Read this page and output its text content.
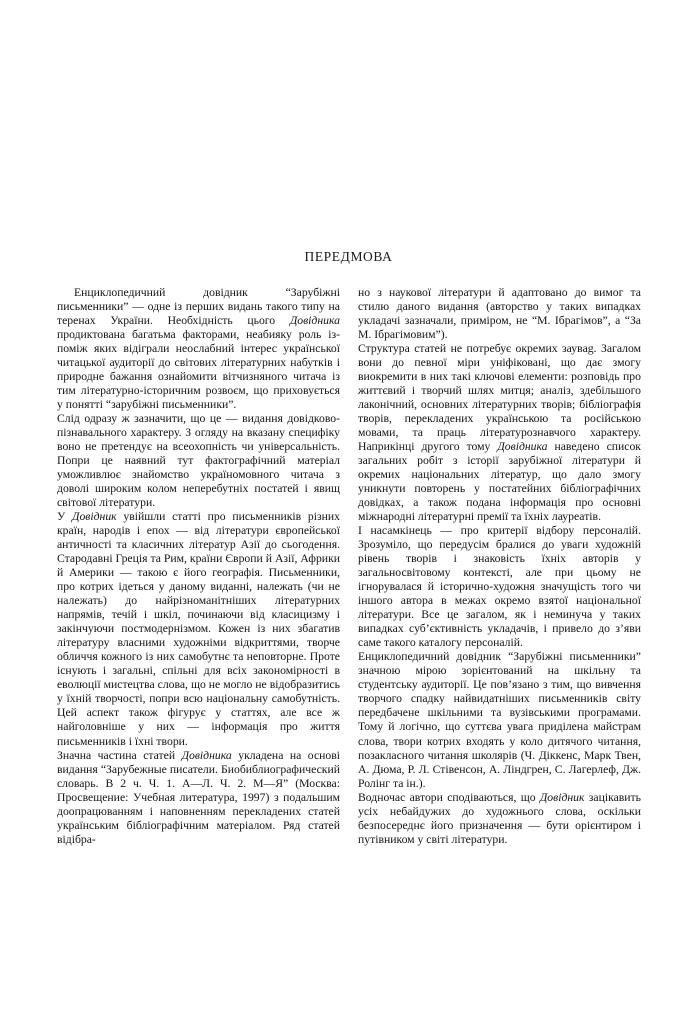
ПЕРЕДМОВА

Енциклопедичний довідник “Зарубіжні письменники” — одне із перших видань такого типу на теренах України. Необхідність цього Довідника продиктована багатьма факторами, неабияку роль із-поміж яких відіграли неослабний інтерес української читацької аудиторії до світових літературних набутків і природне бажання ознайомити вітчизняного читача із тим літературно-історичним розвоєм, що приховується у понятті “зарубіжні письменники”.

Слід одразу ж зазначити, що це — видання довідково-пізнавального характеру. З огляду на вказану специфіку воно не претендує на всеохопність чи універсальність. Попри це наявний тут фактографічний матеріал уможливлює знайомство україномовного читача з доволі широким колом неперебутніх постатей і явищ світової літератури.

У Довідник увійшли статті про письменників різних країн, народів і епох — від літератури європейської античності та класичних літератур Азії до сьогодення. Стародавні Греція та Рим, країни Європи й Азії, Африки й Америки — такою є його географія. Письменники, про котрих ідеться у даному виданні, належать (чи не належать) до найрізноманітніших літературних напрямів, течій і шкіл, починаючи від класицизму і закінчуючи постмодернізмом. Кожен із них збагатив літературу власними художніми відкриттями, творче обличчя кожного із них самобутнє та неповторне. Проте існують і загальні, спільні для всіх закономірності в еволюції мистецтва слова, що не могло не відобразитись у їхній творчості, попри всю національну самобутність. Цей аспект також фігурує у статтях, але все ж найголовніше у них — інформація про життя письменників і їхні твори.

Значна частина статей Довідника укладена на основі видання “Зарубежные писатели. Биобиблиографический словарь. В 2 ч. Ч. 1. А—Л. Ч. 2. М—Я” (Москва: Просвещение: Учебная литература, 1997) з подальшим доопрацюванням і наповненням перекладених статей українським бібліографічним матеріалом. Ряд статей відібра-

но з наукової літератури й адаптовано до вимог та стилю даного видання (авторство у таких випадках укладачі зазначали, приміром, не “М. Ібрагімов”, а “За М. Ібрагімовим”).

Структура статей не потребує окремих заувag. Загалом вони до певної міри уніфіковані, що дає змогу виокремити в них такі ключові елементи: розповідь про життєвий і творчий шлях митця; аналіз, здебільшого лаконічний, основних літературних творів; бібліографія творів, перекладених українською та російською мовами, та праць літературознавчого характеру. Наприкінці другого тому Довідника наведено список загальних робіт з історії зарубіжної літератури й окремих національних літератур, що дало змогу уникнути повторень у постатейних бібліографічних довідках, а також подана інформація про основні міжнародні літературні премії та їхніх лауреатів.

І насамкінець — про критерії відбору персоналій. Зрозуміло, що передусім бралися до уваги художній рівень творів і знаковість їхніх авторів у загальносвітовому контексті, але при цьому не ігнорувалася й історично-художня значущість того чи іншого автора в межах окремо взятої національної літератури. Все це загалом, як і неминуча у таких випадках суб’єктивність укладачів, і привело до з’яви саме такого каталогу персоналій.

Енциклопедичний довідник “Зарубіжні письменники” значною мірою зорієнтований на шкільну та студентську аудиторії. Це пов’язано з тим, що вивчення творчого спадку найвидатніших письменників світу передбачене шкільними та вузівськими програмами. Тому й логічно, що суттєва увага приділена майстрам слова, твори котрих входять у коло дитячого читання, позакласного читання школярів (Ч. Діккенс, Марк Твен, А. Дюма, Р. Л. Стівенсон, А. Ліндгрен, С. Лагерлеф, Дж. Ролінг та ін.).

Водночас автори сподіваються, що Довідник зацікавить усіх небайдужих до художнього слова, оскільки безпосереднє його призначення — бути орієнтиром і путівником у світі літератури.
